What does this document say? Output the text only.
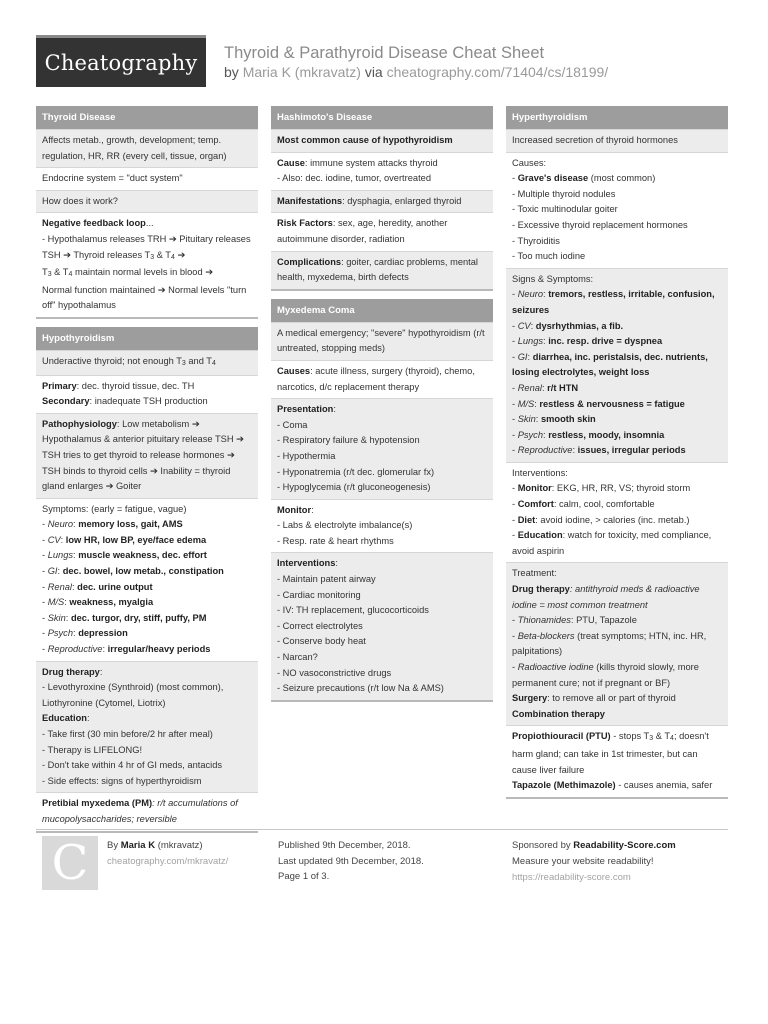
Cheatography	Thyroid & Parathyroid Disease Cheat Sheet
by Maria K (mkravatz) via cheatography.com/71404/cs/18199/
Thyroid Disease
Affects metab., growth, development; temp. regulation, HR, RR (every cell, tissue, organ)
Endocrine system = "duct system"
How does it work?
Negative feedback loop...
- Hypothalamus releases TRH ➔ Pituitary releases TSH ➔ Thyroid releases $T_3$ & $T_4$ ➔
$T_3$ & $T_4$ maintain normal levels in blood ➔
Normal function maintained ➔ Normal levels "turn off" hypothalamus
Hypothyroidism
Underactive thyroid; not enough $T_3$ and $T_4$
Primary: dec. thyroid tissue, dec. TH
Secondary: inadequate TSH production
Pathophysiology: Low metabolism ➔ Hypothalamus & anterior pituitary release TSH ➔ TSH tries to get thyroid to release hormones ➔ TSH binds to thyroid cells ➔ Inability = thyroid gland enlarges ➔ Goiter
Symptoms: (early = fatigue, vague)
- Neuro: memory loss, gait, AMS
- CV: low HR, low BP, eye/face edema
- Lungs: muscle weakness, dec. effort
- GI: dec. bowel, low metab., constipation
- Renal: dec. urine output
- M/S: weakness, myalgia
- Skin: dec. turgor, dry, stiff, puffy, PM
- Psych: depression
- Reproductive: irregular/heavy periods
Drug therapy:
- Levothyroxine (Synthroid) (most common), Liothyronine (Cytomel, Liotrix)
Education:

- Take first (30 min before/2 hr after meal)
- Therapy is LIFELONG!
- Don't take within 4 hr of GI meds, antacids
- Side effects: signs of hyperthyroidism
Pretibial myxedema (PM): r/t accumulations of mucopolysaccharides; reversible
Hashimoto's Disease
Most common cause of hypothyroidism
Cause: immune system attacks thyroid
- Also: dec. iodine, tumor, overtreated
Manifestations: dysphagia, enlarged thyroid
Risk Factors: sex, age, heredity, another autoimmune disorder, radiation
Complications: goiter, cardiac problems, mental health, myxedema, birth defects
Myxedema Coma
A medical emergency; "severe" hypothyroidism (r/t untreated, stopping meds)
Causes: acute illness, surgery (thyroid), chemo, narcotics, d/c replacement therapy
Presentation:
- Coma
- Respiratory failure & hypotension
- Hypothermia
- Hyponatremia (r/t dec. glomerular fx)
- Hypoglycemia (r/t gluconeogenesis)
Monitor:
- Labs & electrolyte imbalance(s)
- Resp. rate & heart rhythms
Interventions:
- Maintain patent airway
- Cardiac monitoring
- IV: TH replacement, glucocorticoids
- Correct electrolytes
- Conserve body heat
- Narcan?
- NO vasoconstrictive drugs
- Seizure precautions (r/t low Na & AMS)
Hyperthyroidism
Increased secretion of thyroid hormones
Causes:
- Grave's disease (most common)
- Multiple thyroid nodules
- Toxic multinodular goiter
- Excessive thyroid replacement hormones
- Thyroiditis
- Too much iodine
Signs & Symptoms:
- Neuro: tremors, restless, irritable, confusion, seizures
- CV: dysrhythmias, a fib.
- Lungs: inc. resp. drive = dyspnea
- GI: diarrhea, inc. peristalsis, dec. nutrients, losing electrolytes, weight loss
- Renal: r/t HTN
- M/S: restless & nervousness = fatigue
- Skin: smooth skin
- Psych: restless, moody, insomnia
- Reproductive: issues, irregular periods
Interventions:
- Monitor: EKG, HR, RR, VS; thyroid storm
- Comfort: calm, cool, comfortable
- Diet: avoid iodine, > calories (inc. metab.)
- Education: watch for toxicity, med compliance, avoid aspirin
Treatment:
Drug therapy: antithyroid meds & radioactive iodine = most common treatment
- Thionamides: PTU, Tapazole
- Beta-blockers (treat symptoms; HTN, inc. HR, palpitations)
- Radioactive iodine (kills thyroid slowly, more permanent cure; not if pregnant or BF)
Surgery: to remove all or part of thyroid
Combination therapy
Propiothiouracil (PTU) - stops $T_3$ & $T_4$; doesn't harm gland; can take in 1st trimester, but can cause liver failure
Tapazole (Methimazole) - causes anemia, safer
C	By Maria K (mkravatz)
cheatography.com/mkravatz/
Published 9th December, 2018.
Last updated 9th December, 2018.
Page 1 of 3.
Sponsored by Readability-Score.com
Measure your website readability!
https://readability-score.com
